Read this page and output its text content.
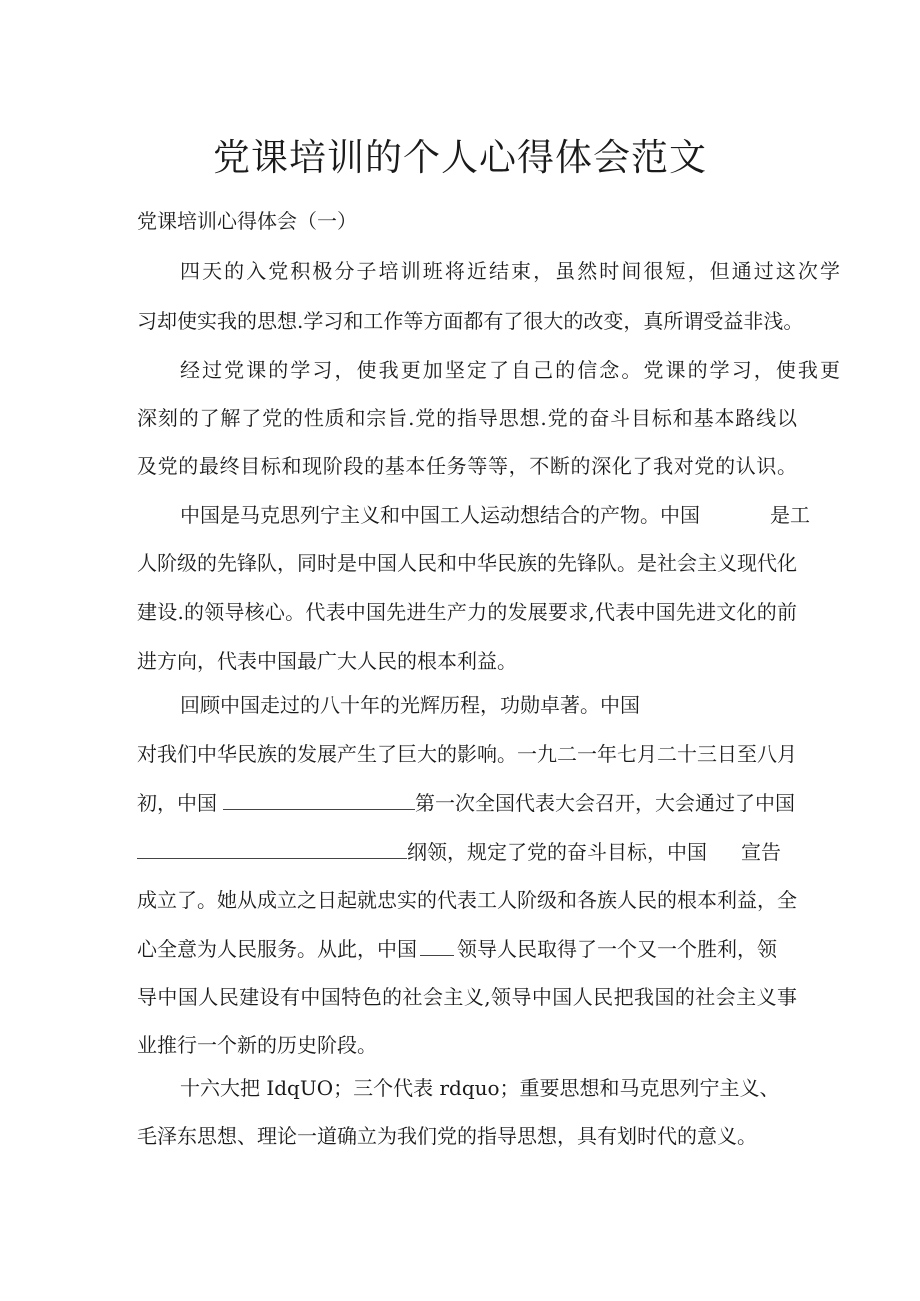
党课培训的个人心得体会范文
党课培训心得体会（一）
四天的入党积极分子培训班将近结束，虽然时间很短，但通过这次学
习却使实我的思想.学习和工作等方面都有了很大的改变，真所谓受益非浅。
经过党课的学习，使我更加坚定了自己的信念。党课的学习，使我更
深刻的了解了党的性质和宗旨.党的指导思想.党的奋斗目标和基本路线以
及党的最终目标和现阶段的基本任务等等，不断的深化了我对党的认识。
中国是马克思列宁主义和中国工人运动想结合的产物。中国	是工
人阶级的先锋队，同时是中国人民和中华民族的先锋队。是社会主义现代化
建设.的领导核心。代表中国先进生产力的发展要求,代表中国先进文化的前
进方向，代表中国最广大人民的根本利益。
回顾中国走过的八十年的光辉历程，功勋卓著。中国
对我们中华民族的发展产生了巨大的影响。一九二一年七月二十三日至八月
初，中国	第一次全国代表大会召开，大会通过了中国
纲领，规定了党的奋斗目标，中国 宣告
成立了。她从成立之日起就忠实的代表工人阶级和各族人民的根本利益，全
心全意为人民服务。从此，中国 领导人民取得了一个又一个胜利，领
导中国人民建设有中国特色的社会主义,领导中国人民把我国的社会主义事
业推行一个新的历史阶段。
十六大把 IdqUO；三个代表 rdquo；重要思想和马克思列宁主义、
毛泽东思想、理论一道确立为我们党的指导思想，具有划时代的意义。
